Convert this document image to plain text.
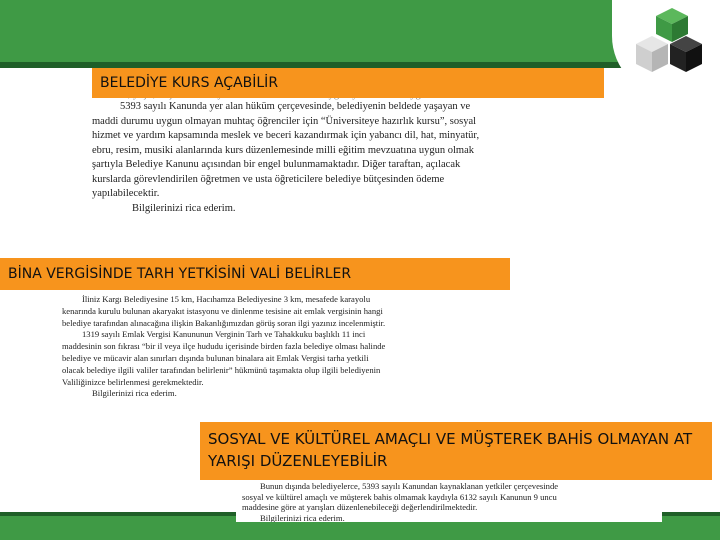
5393 sayılı Kanunda yer alan hüküm çerçevesinde, belediyenin beldede yaşayan ve

maddi durumu uygun olmayan muhtaç öğrenciler için “Üniversiteye hazırlık kursu”, sosyal

hizmet ve yardım kapsamında meslek ve beceri kazandırmak için yabancı dil, hat, minyatür,

ebru, resim, musiki alanlarında kurs düzenlemesinde milli eğitim mevzuatına uygun olmak

şartıyla Belediye Kanunu açısından bir engel bulunmamaktadır. Diğer taraftan, açılacak

kurslarda görevlendirilen öğretmen ve usta öğreticilere belediye bütçesinden ödeme

yapılabilecektir.

Bilgilerinizi rica ederim.

BELEDİYE KURS AÇABİLİR
BİNA VERGİSİNDE TARH YETKİSİNİ VALİ BELİRLER

İliniz Kargı Belediyesine 15 km, Hacıhamza Belediyesine 3 km, mesafede karayolu

kenarında kurulu bulunan akaryakıt istasyonu ve dinlenme tesisine ait emlak vergisinin hangi

belediye tarafından alınacağına ilişkin Bakanlığımızdan görüş soran ilgi yazınız incelenmiştir.

1319 sayılı Emlak Vergisi Kanununun Verginin Tarh ve Tahakkuku başlıklı 11 inci

maddesinin son fıkrası “bir il veya ilçe hududu içerisinde birden fazla belediye olması halinde

belediye ve mücavir alan sınırları dışında bulunan binalara ait Emlak Vergisi tarha yetkili

olacak belediye ilgili valiler tarafından belirlenir” hükmünü taşımakta olup ilgili belediyenin

Valiliğinizce belirlenmesi gerekmektedir.

Bilgilerinizi rica ederim.

SOSYAL VE KÜLTÜREL AMAÇLI VE MÜŞTEREK BAHİS OLMAYAN AT YARIŞI DÜZENLEYEBİLİR

Bunun dışında belediyelerce, 5393 sayılı Kanundan kaynaklanan yetkiler çerçevesinde

sosyal ve kültürel amaçlı ve müşterek bahis olmamak kaydıyla 6132 sayılı Kanunun 9 uncu

maddesine göre at yarışları düzenlenebileceği değerlendirilmektedir.

Bilgilerinizi rica ederim.
